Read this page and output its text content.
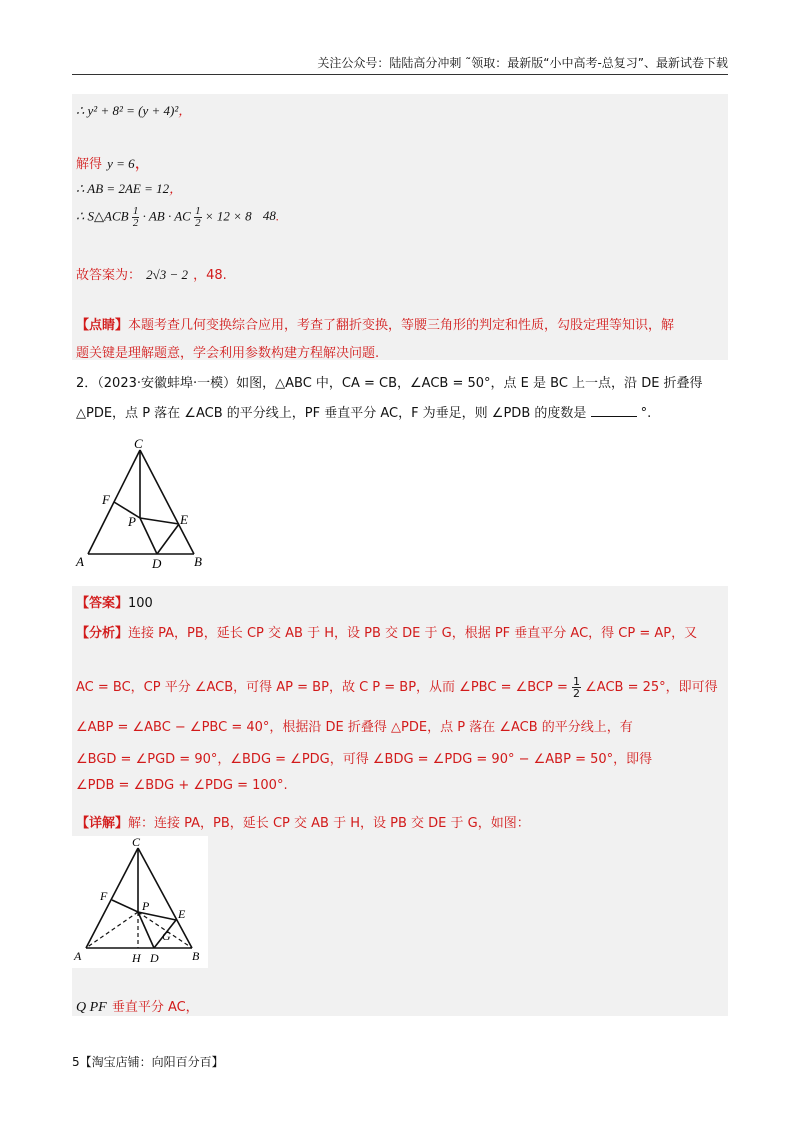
关注公众号：陆陆高分冲刺 ˜领取：最新版“小中高考-总复习”、最新试卷下载
∴ y² + 8² = (y + 4)²，
解得 y = 6，
∴ AB = 2AE = 12，
∴ S△ACB $\frac{1}{2}$ · AB · AC $\frac{1}{2} \times 12 \times 8$ 48.
故答案为： 2√3 − 2 ，48.
【点睛】本题考查几何变换综合应用，考查了翻折变换，等腰三角形的判定和性质，勾股定理等知识，解
题关键是理解题意，学会利用参数构建方程解决问题.
2．（2023·安徽蚌埠·一模）如图，△ABC 中，CA = CB，∠ACB = 50°，点 E 是 BC 上一点，沿 DE 折叠得
△PDE，点 P 落在 ∠ACB 的平分线上，PF 垂直平分 AC，F 为垂足，则 ∠PDB 的度数是	°.
C
F
P	E
A	D	B
【答案】100
【分析】连接 PA，PB，延长 CP 交 AB 于 H，设 PB 交 DE 于 G，根据 PF 垂直平分 AC，得 CP = AP，又
AC = BC，CP 平分 ∠ACB，可得 AP = BP，故 C P = BP，从而 ∠PBC = ∠BCP = $\frac{1}{2}$ ∠ACB = 25°，即可得
∠ABP = ∠ABC − ∠PBC = 40°，根据沿 DE 折叠得 △PDE，点 P 落在 ∠ACB 的平分线上，有
∠BGD = ∠PGD = 90°，∠BDG = ∠PDG，可得 ∠BDG = ∠PDG = 90° − ∠ABP = 50°，即得
∠PDB = ∠BDG + ∠PDG = 100°.
【详解】解：连接 PA，PB，延长 CP 交 AB 于 H，设 PB 交 DE 于 G，如图：
C
F
P
E
G
A	H D	B
Q PF 垂直平分 AC，
5【淘宝店铺：向阳百分百】
